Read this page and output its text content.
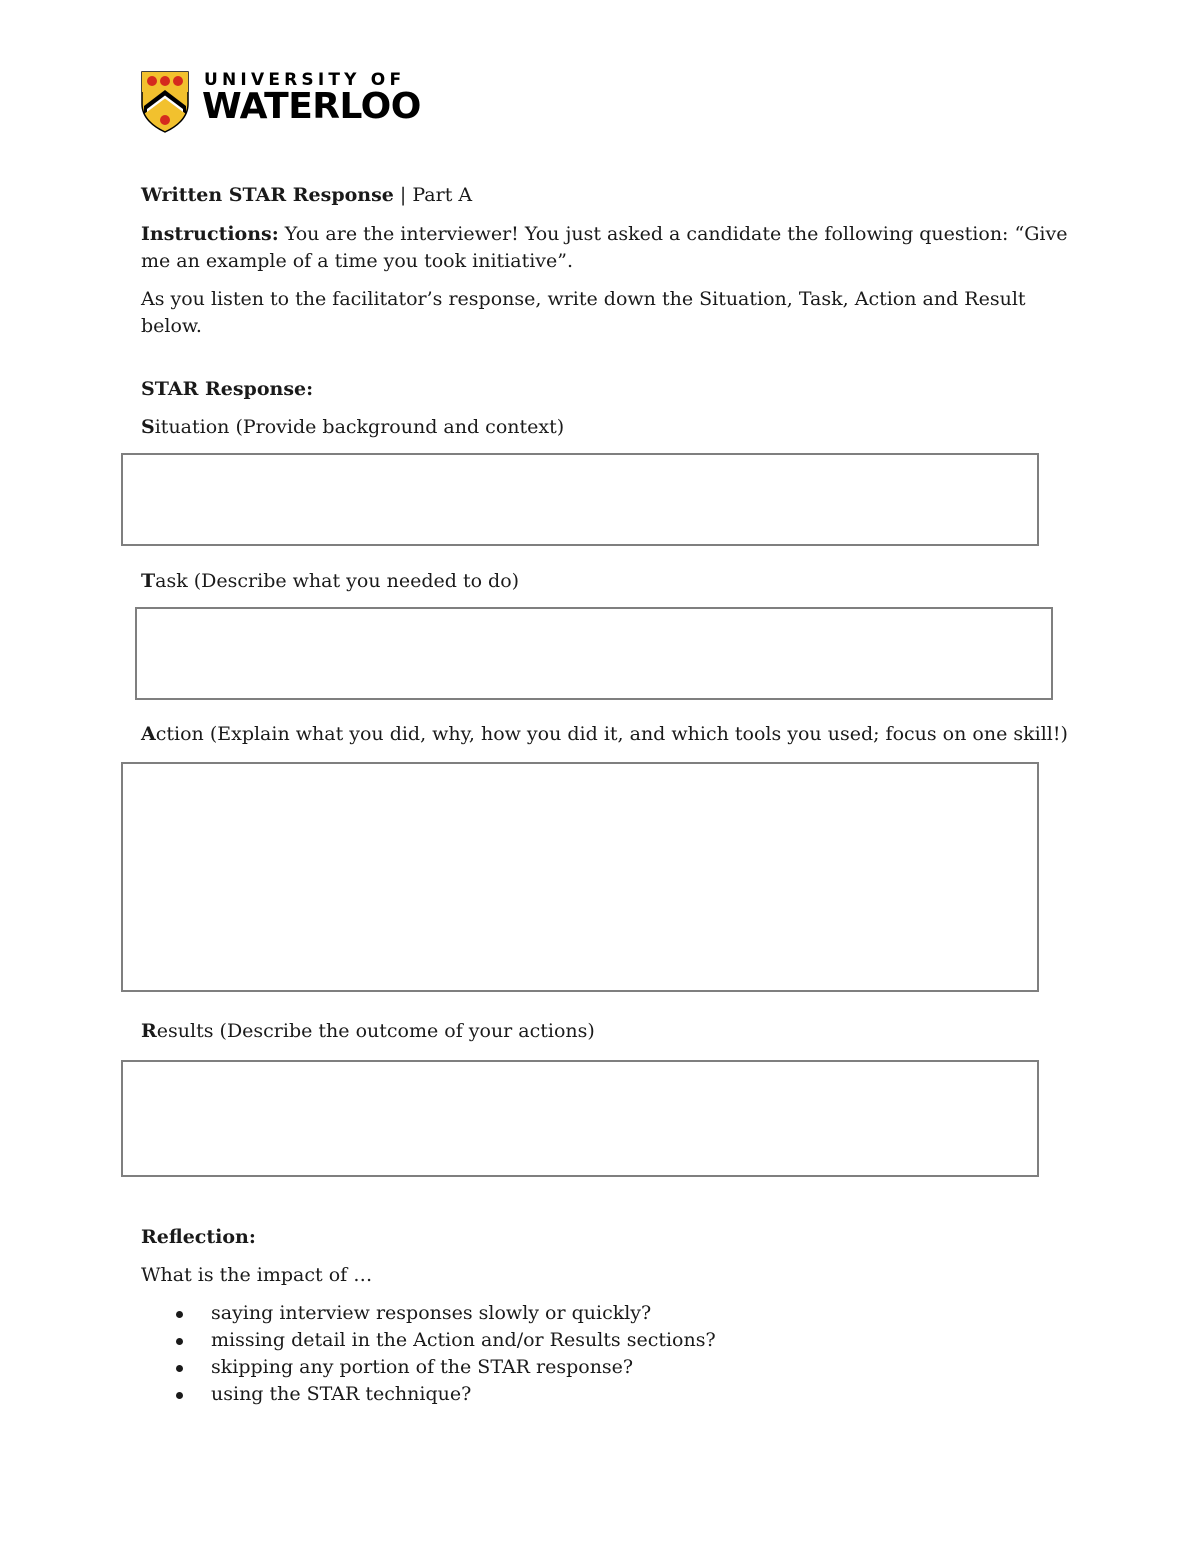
UNIVERSITY OF
WATERLOO
Written STAR Response | Part A
Instructions: You are the interviewer! You just asked a candidate the following question: “Give
me an example of a time you took initiative”.
As you listen to the facilitator’s response, write down the Situation, Task, Action and Result
below.
STAR Response:
Situation (Provide background and context)
Task (Describe what you needed to do)
Action (Explain what you did, why, how you did it, and which tools you used; focus on one skill!)
Results (Describe the outcome of your actions)
Reflection:
What is the impact of …
saying interview responses slowly or quickly?
missing detail in the Action and/or Results sections?
skipping any portion of the STAR response?
using the STAR technique?
